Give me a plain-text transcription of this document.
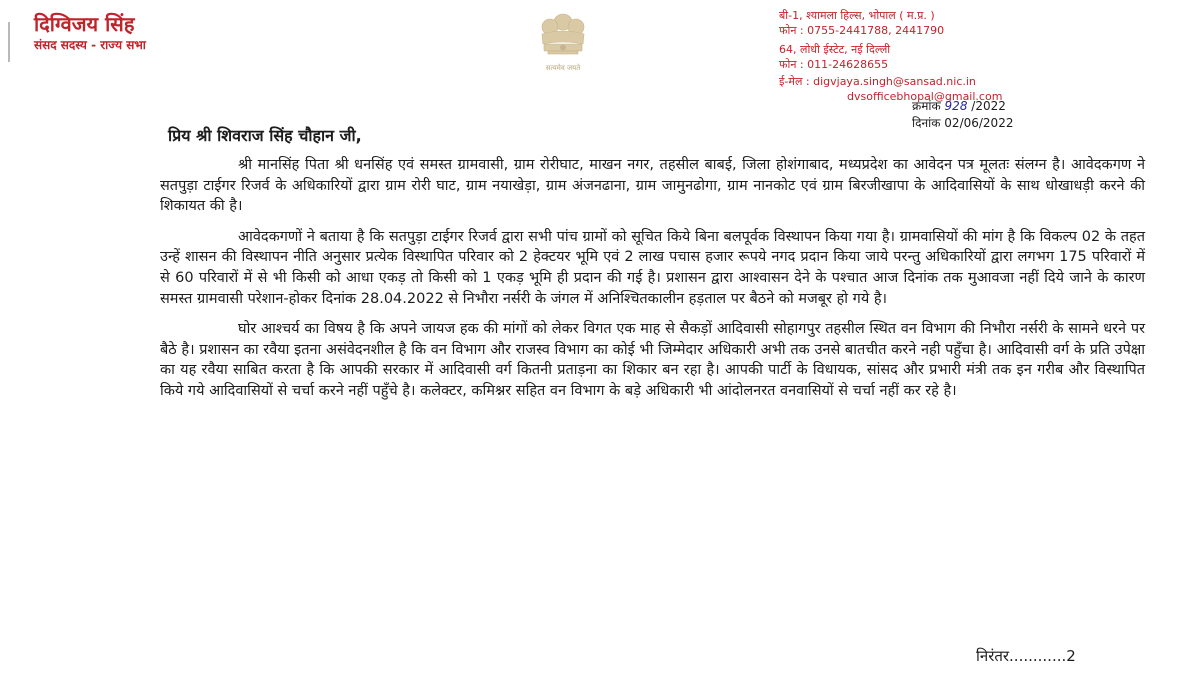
दिग्विजय सिंह
संसद सदस्य - राज्य सभा
सत्यमेव जयते
बी-1, श्यामला हिल्स, भोपाल ( म.प्र. )
फोन : 0755-2441788, 2441790
64, लोधी ईस्टेट, नई दिल्ली
फोन : 011-24628655
ई-मेल : digvjaya.singh@sansad.nic.in
dvsofficebhopal@gmail.com
क्रमांक 928 /2022
दिनांक 02/06/2022
प्रिय श्री शिवराज सिंह चौहान जी,

श्री मानसिंह पिता श्री धनसिंह एवं समस्त ग्रामवासी, ग्राम रोरीघाट, माखन नगर, तहसील बाबई, जिला होशंगाबाद, मध्यप्रदेश का आवेदन पत्र मूलतः संलग्न है। आवेदकगण ने सतपुड़ा टाईगर रिजर्व के अधिकारियों द्वारा ग्राम रोरी घाट, ग्राम नयाखेड़ा, ग्राम अंजनढाना, ग्राम जामुनढोगा, ग्राम नानकोट एवं ग्राम बिरजीखापा के आदिवासियों के साथ धोखाधड़ी करने की शिकायत की है।

आवेदकगणों ने बताया है कि सतपुड़ा टाईगर रिजर्व द्वारा सभी पांच ग्रामों को सूचित किये बिना बलपूर्वक विस्थापन किया गया है। ग्रामवासियों की मांग है कि विकल्प 02 के तहत उन्हें शासन की विस्थापन नीति अनुसार प्रत्येक विस्थापित परिवार को 2 हेक्टयर भूमि एवं 2 लाख पचास हजार रूपये नगद प्रदान किया जाये परन्तु अधिकारियों द्वारा लगभग 175 परिवारों में से 60 परिवारों में से भी किसी को आधा एकड़ तो किसी को 1 एकड़ भूमि ही प्रदान की गई है। प्रशासन द्वारा आश्वासन देने के पश्चात आज दिनांक तक मुआवजा नहीं दिये जाने के कारण समस्त ग्रामवासी परेशान-होकर दिनांक 28.04.2022 से निभौरा नर्सरी के जंगल में अनिश्चितकालीन हड़ताल पर बैठने को मजबूर हो गये है।

घोर आश्चर्य का विषय है कि अपने जायज हक की मांगों को लेकर विगत एक माह से सैकड़ों आदिवासी सोहागपुर तहसील स्थित वन विभाग की निभौरा नर्सरी के सामने धरने पर बैठे है। प्रशासन का रवैया इतना असंवेदनशील है कि वन विभाग और राजस्व विभाग का कोई भी जिम्मेदार अधिकारी अभी तक उनसे बातचीत करने नही पहुँचा है। आदिवासी वर्ग के प्रति उपेक्षा का यह रवैया साबित करता है कि आपकी सरकार में आदिवासी वर्ग कितनी प्रताड़ना का शिकार बन रहा है। आपकी पार्टी के विधायक, सांसद और प्रभारी मंत्री तक इन गरीब और विस्थापित किये गये आदिवासियों से चर्चा करने नहीं पहुँचे है। कलेक्टर, कमिश्नर सहित वन विभाग के बड़े अधिकारी भी आंदोलनरत वनवासियों से चर्चा नहीं कर रहे है।

निरंतर............2
